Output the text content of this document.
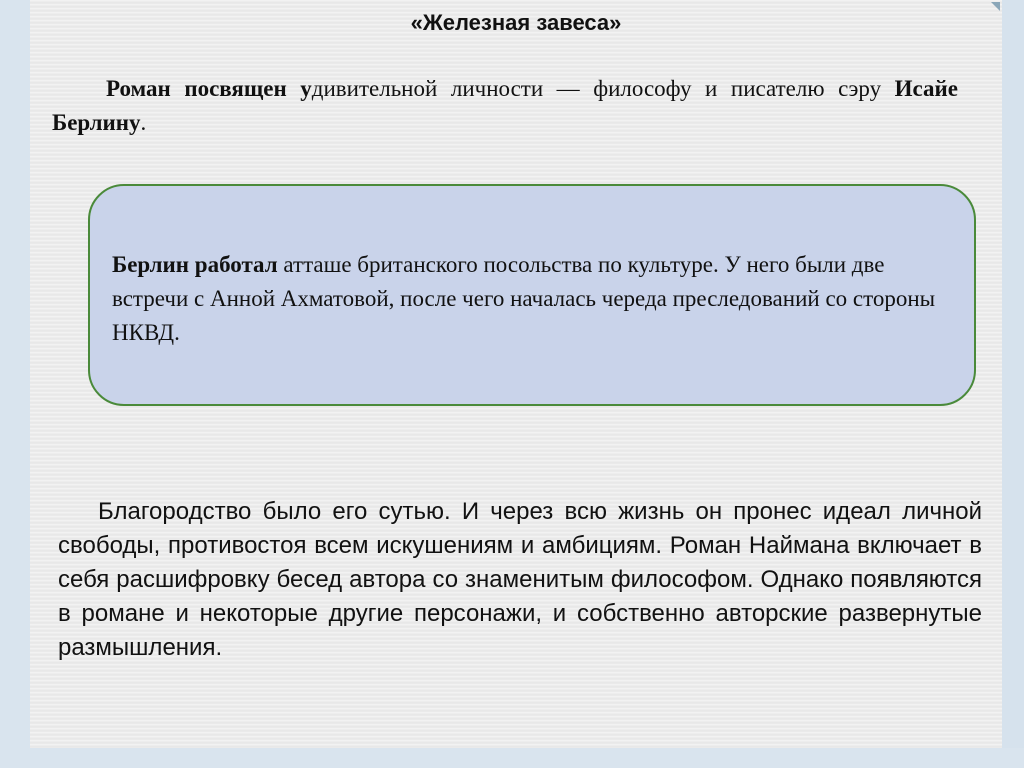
«Железная завеса»
Роман посвящен удивительной личности — философу и писателю сэру Исайе Берлину.
Берлин работал атташе британского посольства по культуре. У него были две встречи с Анной Ахматовой, после чего началась череда преследований со стороны НКВД.
Благородство было его сутью. И через всю жизнь он пронес идеал личной свободы, противостоя всем искушениям и амбициям. Роман Наймана включает в себя расшифровку бесед автора со знаменитым философом. Однако появляются в романе и некоторые другие персонажи, и собственно авторские развернутые размышления.
